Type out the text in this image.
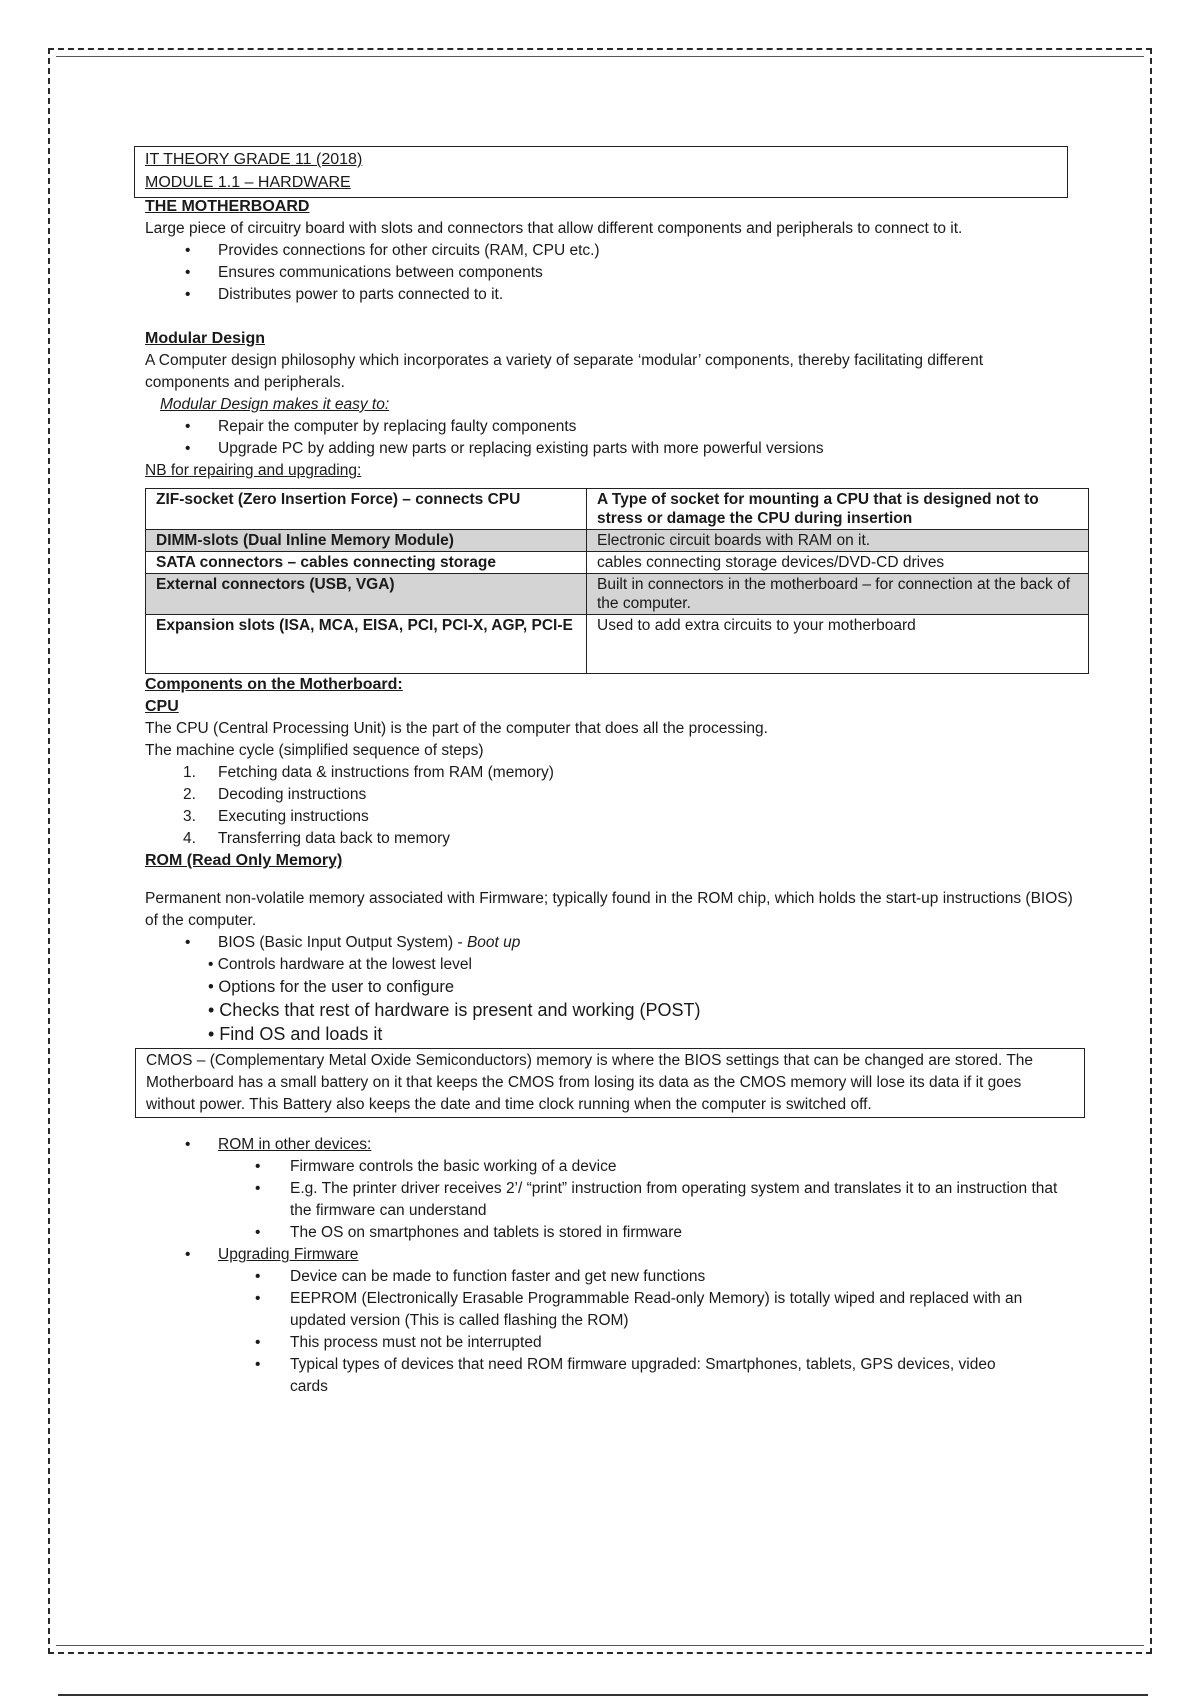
IT THEORY GRADE 11 (2018)
MODULE 1.1 – HARDWARE
THE MOTHERBOARD

Large piece of circuitry board with slots and connectors that allow different components and peripherals to connect to it.

• Provides connections for other circuits (RAM, CPU etc.)
• Ensures communications between components
• Distributes power to parts connected to it.
Modular Design

A Computer design philosophy which incorporates a variety of separate ‘modular’ components, thereby facilitating different components and peripherals.

Modular Design makes it easy to:

• Repair the computer by replacing faulty components
• Upgrade PC by adding new parts or replacing existing parts with more powerful versions

NB for repairing and upgrading:

ZIF-socket (Zero Insertion Force) – connects CPU	A Type of socket for mounting a CPU that is designed not to stress or damage the CPU during insertion
DIMM-slots (Dual Inline Memory Module)	Electronic circuit boards with RAM on it.
SATA connectors – cables connecting storage	cables connecting storage devices/DVD-CD drives
External connectors (USB, VGA)	Built in connectors in the motherboard – for connection at the back of the computer.
Expansion slots (ISA, MCA, EISA, PCI, PCI-X, AGP, PCI-E	Used to add extra circuits to your motherboard
Components on the Motherboard:
CPU

The CPU (Central Processing Unit) is the part of the computer that does all the processing.

The machine cycle (simplified sequence of steps)

1. Fetching data & instructions from RAM (memory)
2. Decoding instructions
3. Executing instructions
4. Transferring data back to memory
ROM (Read Only Memory)

Permanent non-volatile memory associated with Firmware; typically found in the ROM chip, which holds the start-up instructions (BIOS) of the computer.

• BIOS (Basic Input Output System) - Boot up
• Controls hardware at the lowest level
• Options for the user to configure
• Checks that rest of hardware is present and working (POST)
• Find OS and loads it

CMOS – (Complementary Metal Oxide Semiconductors) memory is where the BIOS settings that can be changed are stored. The Motherboard has a small battery on it that keeps the CMOS from losing its data as the CMOS memory will lose its data if it goes without power. This Battery also keeps the date and time clock running when the computer is switched off.

• ROM in other devices:
• Firmware controls the basic working of a device
• E.g. The printer driver receives 2’/ “print” instruction from operating system and translates it to an instruction that the firmware can understand
• The OS on smartphones and tablets is stored in firmware
• Upgrading Firmware
• Device can be made to function faster and get new functions
• EEPROM (Electronically Erasable Programmable Read-only Memory) is totally wiped and replaced with an updated version (This is called flashing the ROM)
• This process must not be interrupted
• Typical types of devices that need ROM firmware upgraded: Smartphones, tablets, GPS devices, video cards
